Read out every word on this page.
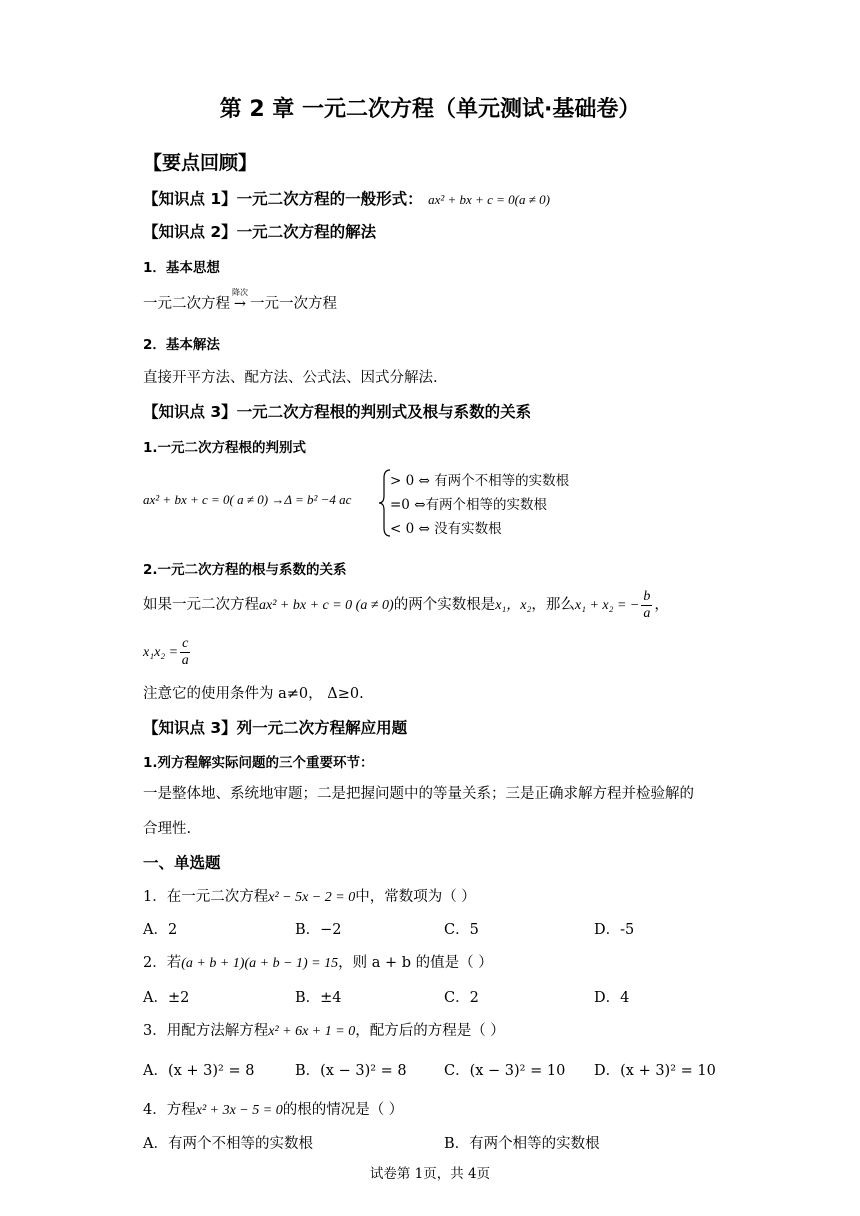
第 2 章 一元二次方程（单元测试·基础卷）
【要点回顾】
【知识点 1】一元二次方程的一般形式： ax² + bx + c = 0(a ≠ 0)
【知识点 2】一元二次方程的解法
1．基本思想
一元二次方程
降次
→ 一元一次方程
2．基本解法
直接开平方法、配方法、公式法、因式分解法.
【知识点 3】一元二次方程根的判别式及根与系数的关系
1.一元二次方程根的判别式
ax² + bx + c = 0( a ≠ 0) →Δ = b² −4 ac
> 0 ⇔ 有两个不相等的实数根
=0 ⇔有两个相等的实数根
< 0 ⇔ 没有实数根
2.一元二次方程的根与系数的关系
如果一元二次方程ax² + bx + c = 0 (a ≠ 0)的两个实数根是x₁，x₂，那么x₁ + x₂ = − $\frac{b}{a}$ ，
$x_1x_2 = \frac{c}{a}$
注意它的使用条件为 a≠0， Δ≥0.
【知识点 3】列一元二次方程解应用题
1.列方程解实际问题的三个重要环节：
一是整体地、系统地审题；二是把握问题中的等量关系；三是正确求解方程并检验解的
合理性.
一、单选题
1．在一元二次方程x² − 5x − 2 = 0中，常数项为（ ）
A．2	B．−2	C．5	D．-5
2．若(a + b + 1)(a + b − 1) = 15，则 a + b 的值是（ ）
A．±2	B．±4	C．2	D．4
3．用配方法解方程x² + 6x + 1 = 0，配方后的方程是（ ）
A．(x + 3)² = 8	B．(x − 3)² = 8	C．(x − 3)² = 10 D．(x + 3)² = 10
4．方程x² + 3x − 5 = 0的根的情况是（ ）
A．有两个不相等的实数根	B．有两个相等的实数根
试卷第 1页，共 4页
